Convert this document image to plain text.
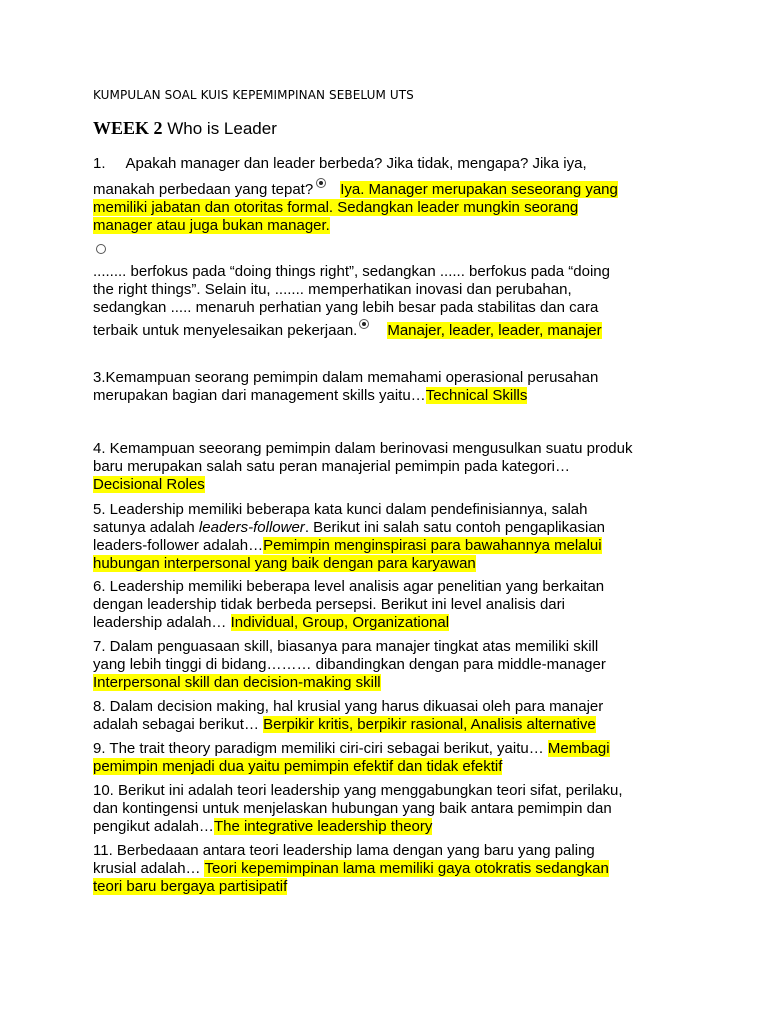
KUMPULAN SOAL KUIS KEPEMIMPINAN SEBELUM UTS
WEEK 2 Who is Leader
1. Apakah manager dan leader berbeda? Jika tidak, mengapa? Jika iya,
manakah perbedaan yang tepat? Iya. Manager merupakan seseorang yang
memiliki jabatan dan otoritas formal. Sedangkan leader mungkin seorang
manager atau juga bukan manager.
........ berfokus pada “doing things right”, sedangkan ...... berfokus pada “doing
the right things”. Selain itu, ....... memperhatikan inovasi dan perubahan,
sedangkan ..... menaruh perhatian yang lebih besar pada stabilitas dan cara
terbaik untuk menyelesaikan pekerjaan. Manajer, leader, leader, manajer
3.Kemampuan seorang pemimpin dalam memahami operasional perusahan
merupakan bagian dari management skills yaitu…Technical Skills
4. Kemampuan seeorang pemimpin dalam berinovasi mengusulkan suatu produk
baru merupakan salah satu peran manajerial pemimpin pada kategori…
Decisional Roles
5. Leadership memiliki beberapa kata kunci dalam pendefinisiannya, salah
satunya adalah leaders-follower. Berikut ini salah satu contoh pengaplikasian
leaders-follower adalah…Pemimpin menginspirasi para bawahannya melalui
hubungan interpersonal yang baik dengan para karyawan
6. Leadership memiliki beberapa level analisis agar penelitian yang berkaitan
dengan leadership tidak berbeda persepsi. Berikut ini level analisis dari
leadership adalah… Individual, Group, Organizational
7. Dalam penguasaan skill, biasanya para manajer tingkat atas memiliki skill
yang lebih tinggi di bidang……… dibandingkan dengan para middle-manager
Interpersonal skill dan decision-making skill
8. Dalam decision making, hal krusial yang harus dikuasai oleh para manajer
adalah sebagai berikut… Berpikir kritis, berpikir rasional, Analisis alternative
9. The trait theory paradigm memiliki ciri-ciri sebagai berikut, yaitu… Membagi
pemimpin menjadi dua yaitu pemimpin efektif dan tidak efektif
10. Berikut ini adalah teori leadership yang menggabungkan teori sifat, perilaku,
dan kontingensi untuk menjelaskan hubungan yang baik antara pemimpin dan
pengikut adalah…The integrative leadership theory
11. Berbedaaan antara teori leadership lama dengan yang baru yang paling
krusial adalah… Teori kepemimpinan lama memiliki gaya otokratis sedangkan
teori baru bergaya partisipatif
